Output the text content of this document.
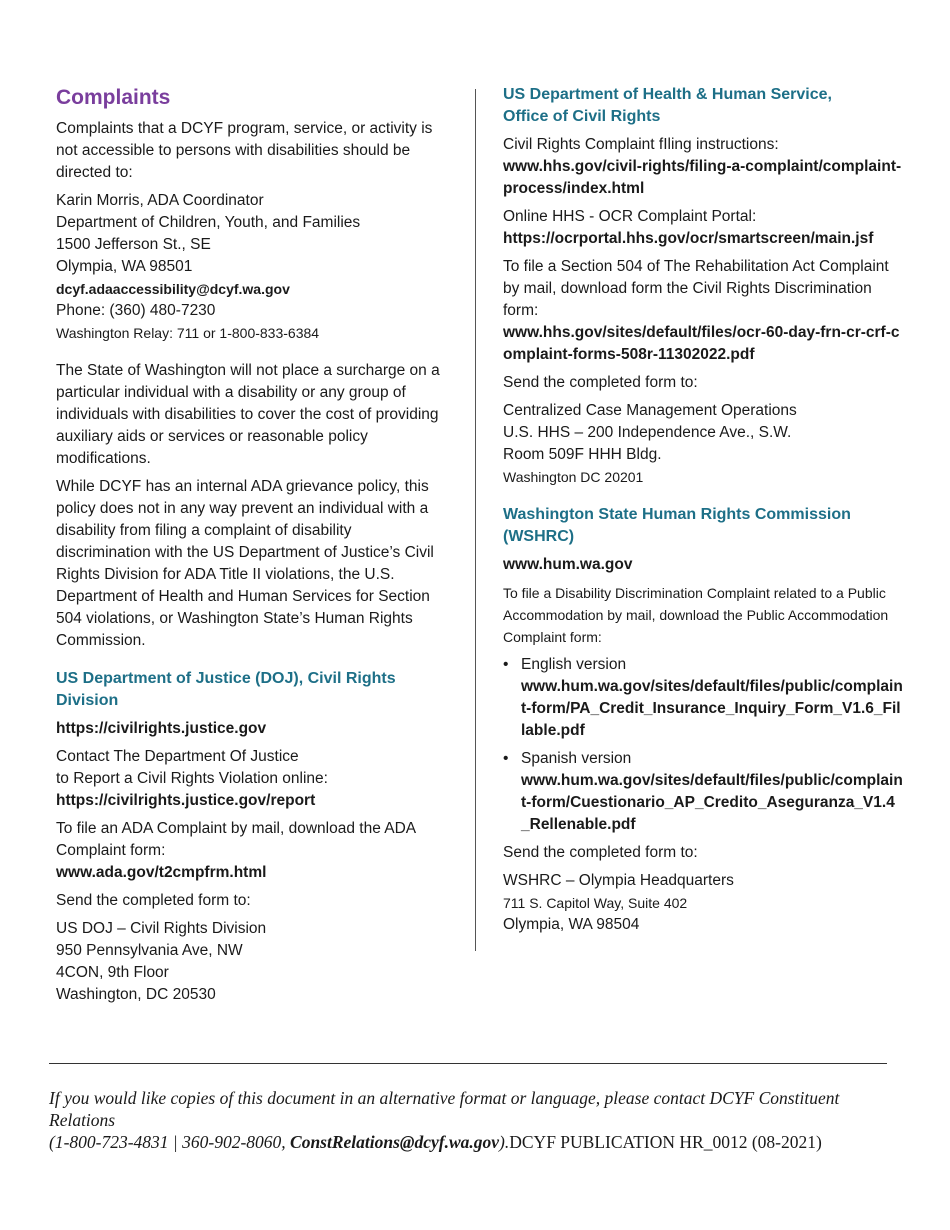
Complaints

Complaints that a DCYF program, service, or activity is not accessible to persons with disabilities should be directed to:

Karin Morris, ADA Coordinator
Department of Children, Youth, and Families
1500 Jefferson St., SE
Olympia, WA 98501
dcyf.adaaccessibility@dcyf.wa.gov
Phone: (360) 480-7230
Washington Relay: 711 or 1-800-833-6384

The State of Washington will not place a surcharge on a particular individual with a disability or any group of individuals with disabilities to cover the cost of providing auxiliary aids or services or reasonable policy modifications.

While DCYF has an internal ADA grievance policy, this policy does not in any way prevent an individual with a disability from filing a complaint of disability discrimination with the US Department of Justice’s Civil Rights Division for ADA Title II violations, the U.S. Department of Health and Human Services for Section 504 violations, or Washington State’s Human Rights Commission.

US Department of Justice (DOJ), Civil Rights Division

https://civilrights.justice.gov

Contact The Department Of Justice
to Report a Civil Rights Violation online:
https://civilrights.justice.gov/report
To file an ADA Complaint by mail, download the ADA Complaint form:
www.ada.gov/t2cmpfrm.html

Send the completed form to:

US DOJ – Civil Rights Division
950 Pennsylvania Ave, NW
4CON, 9th Floor
Washington, DC 20530
US Department of Health & Human Service,
Office of Civil Rights
Civil Rights Complaint fIling instructions:
www.hhs.gov/civil-rights/filing-a-complaint/complaint-process/index.html
Online HHS - OCR Complaint Portal:
https://ocrportal.hhs.gov/ocr/smartscreen/main.jsf
To file a Section 504 of The Rehabilitation Act Complaint by mail, download form the Civil Rights Discrimination form:
www.hhs.gov/sites/default/files/ocr-60-day-frn-cr-crf-complaint-forms-508r-11302022.pdf

Send the completed form to:

Centralized Case Management Operations
U.S. HHS – 200 Independence Ave., S.W.
Room 509F HHH Bldg.
Washington DC 20201
Washington State Human Rights Commission
(WSHRC)

www.hum.wa.gov

To file a Disability Discrimination Complaint related to a Public Accommodation by mail, download the Public Accommodation Complaint form:

• English version
www.hum.wa.gov/sites/default/files/public/complaint-form/PA_Credit_Insurance_Inquiry_Form_V1.6_Fillable.pdf
• Spanish version
www.hum.wa.gov/sites/default/files/public/complaint-form/Cuestionario_AP_Credito_Aseguranza_V1.4_Rellenable.pdf

Send the completed form to:

WSHRC – Olympia Headquarters
711 S. Capitol Way, Suite 402
Olympia, WA 98504
If you would like copies of this document in an alternative format or language, please contact DCYF Constituent Relations
(1-800-723-4831 | 360-902-8060, ConstRelations@dcyf.wa.gov).DCYF PUBLICATION HR_0012 (08-2021)
